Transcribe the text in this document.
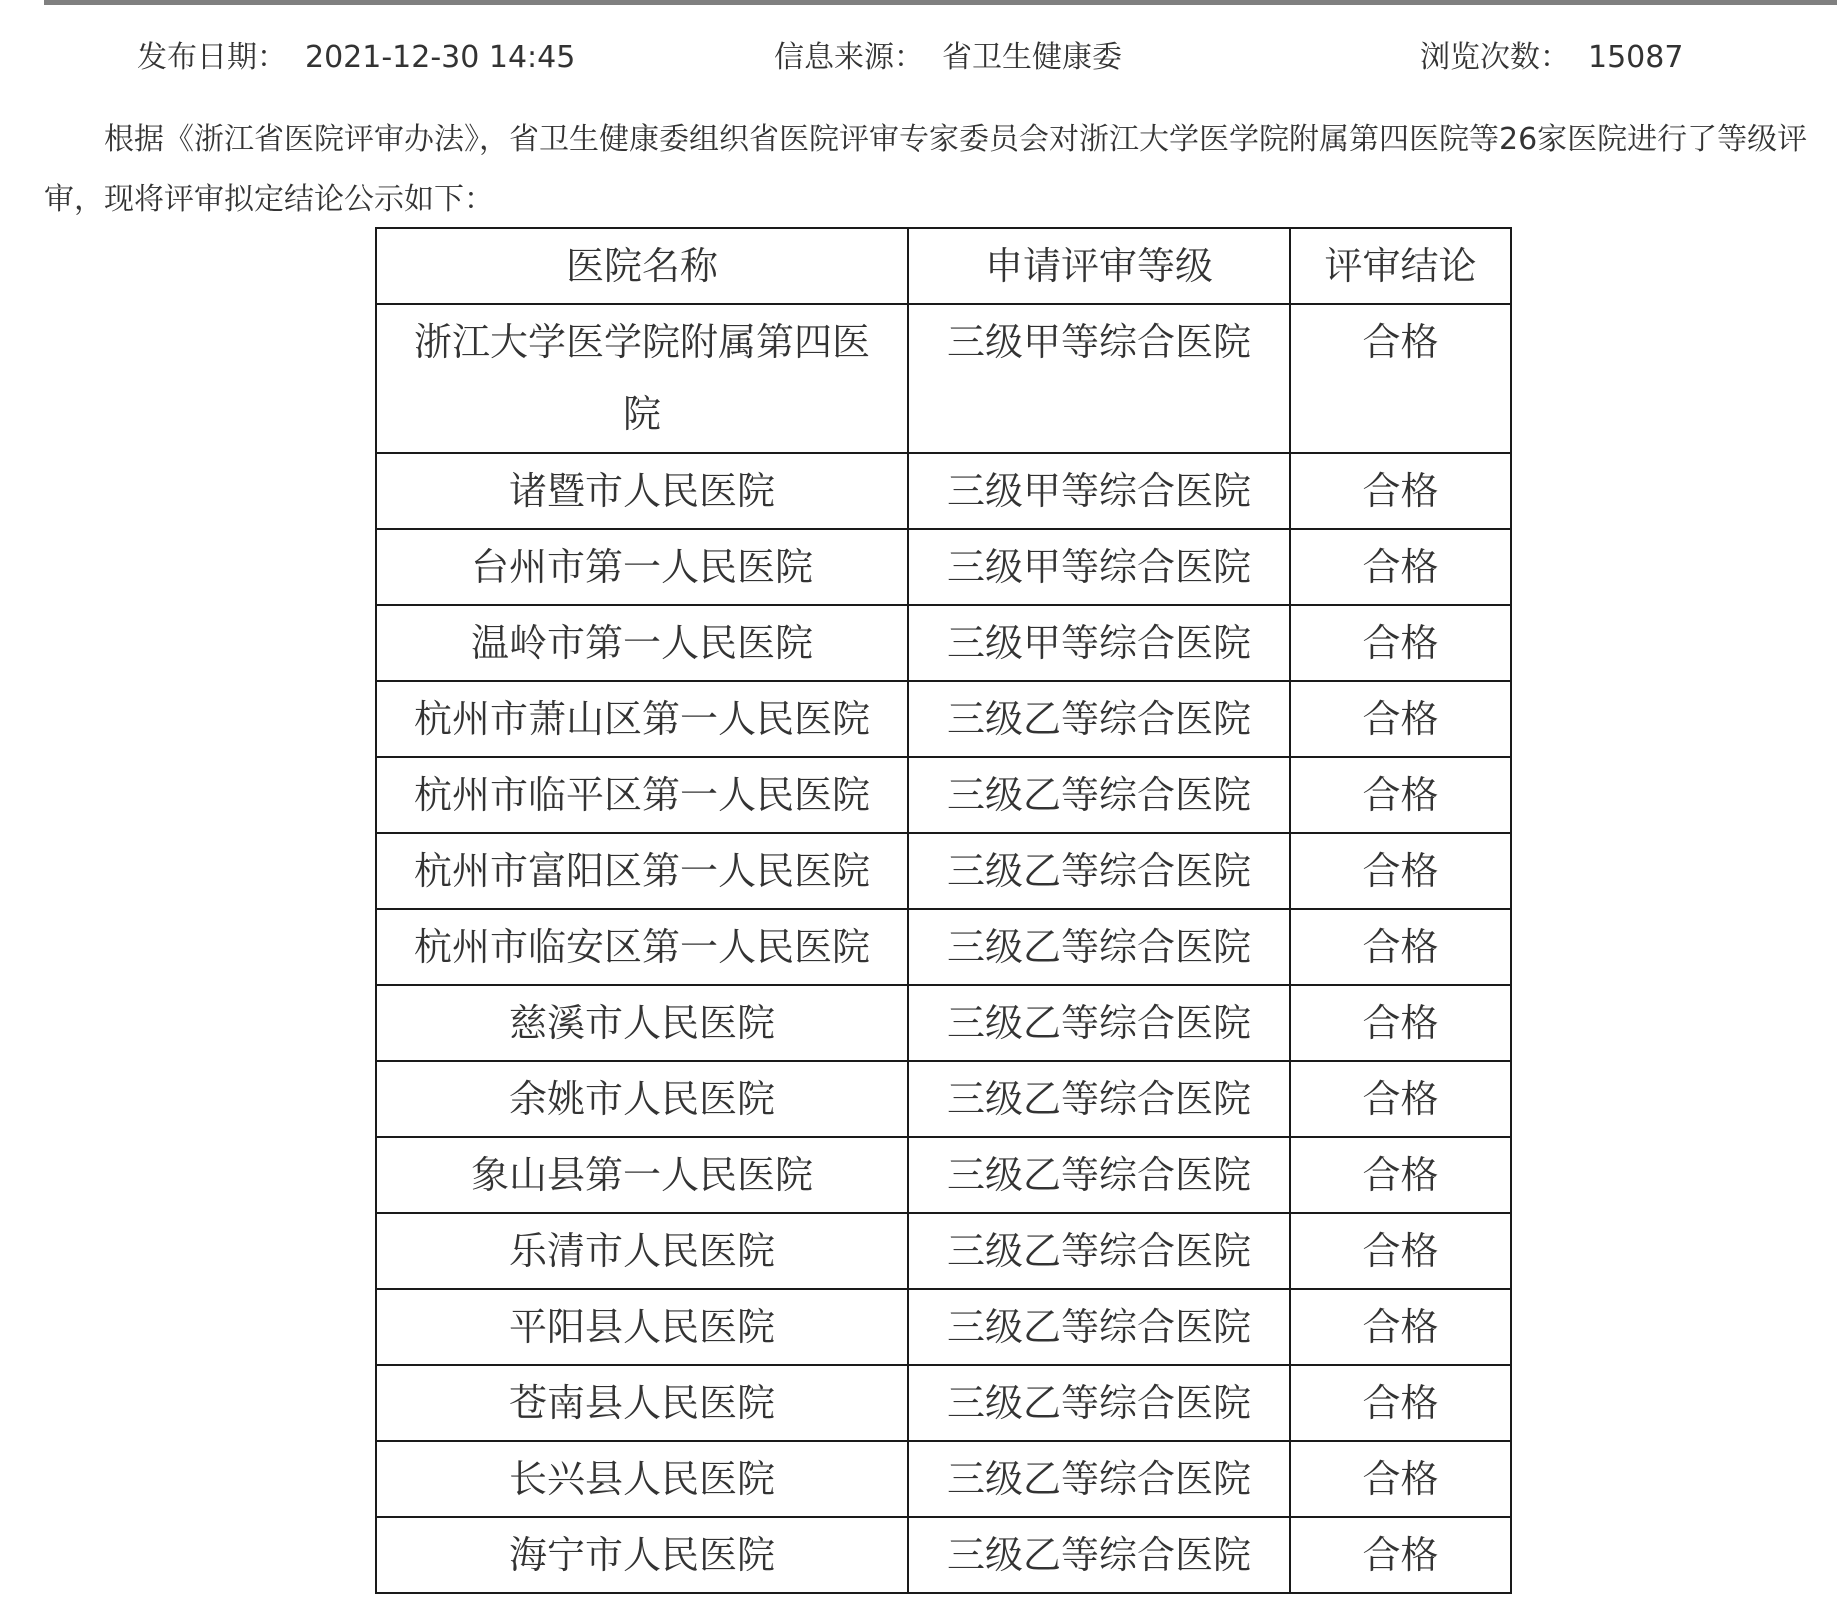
发布日期： 2021-12-30 14:45	信息来源： 省卫生健康委	浏览次数： 15087

根据《浙江省医院评审办法》，省卫生健康委组织省医院评审专家委员会对浙江大学医学院附属第四医院等26家医院进行了等级评审，现将评审拟定结论公示如下：

医院名称	申请评审等级	评审结论
浙江大学医学院附属第四医院	三级甲等综合医院	合格
诸暨市人民医院	三级甲等综合医院	合格
台州市第一人民医院	三级甲等综合医院	合格
温岭市第一人民医院	三级甲等综合医院	合格
杭州市萧山区第一人民医院	三级乙等综合医院	合格
杭州市临平区第一人民医院	三级乙等综合医院	合格
杭州市富阳区第一人民医院	三级乙等综合医院	合格
杭州市临安区第一人民医院	三级乙等综合医院	合格
慈溪市人民医院	三级乙等综合医院	合格
余姚市人民医院	三级乙等综合医院	合格
象山县第一人民医院	三级乙等综合医院	合格
乐清市人民医院	三级乙等综合医院	合格
平阳县人民医院	三级乙等综合医院	合格
苍南县人民医院	三级乙等综合医院	合格
长兴县人民医院	三级乙等综合医院	合格
海宁市人民医院	三级乙等综合医院	合格
